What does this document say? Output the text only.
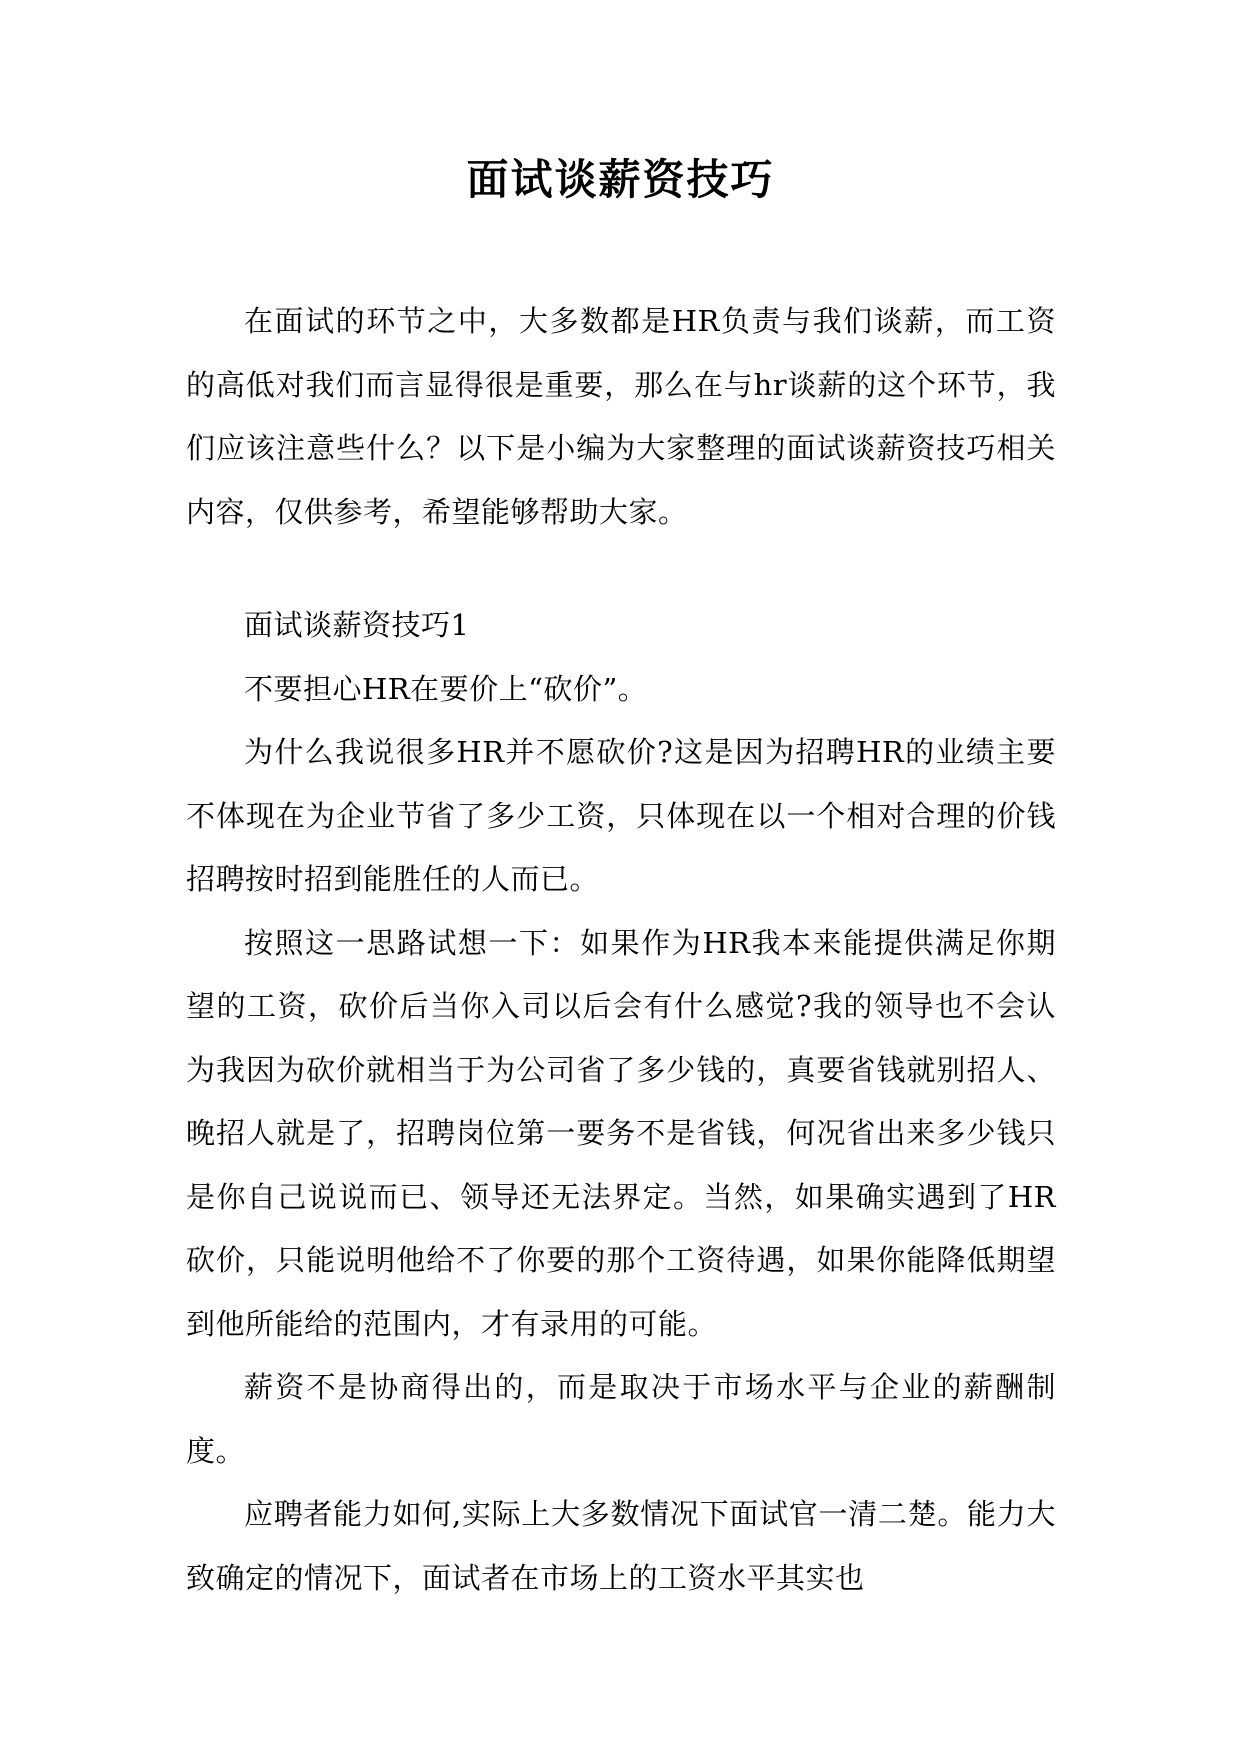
面试谈薪资技巧

在面试的环节之中，大多数都是HR负责与我们谈薪，而工资的高低对我们而言显得很是重要，那么在与hr谈薪的这个环节，我们应该注意些什么？以下是小编为大家整理的面试谈薪资技巧相关内容，仅供参考，希望能够帮助大家。

面试谈薪资技巧1

不要担心HR在要价上“砍价”。

为什么我说很多HR并不愿砍价?这是因为招聘HR的业绩主要不体现在为企业节省了多少工资，只体现在以一个相对合理的价钱招聘按时招到能胜任的人而已。

按照这一思路试想一下：如果作为HR我本来能提供满足你期望的工资，砍价后当你入司以后会有什么感觉?我的领导也不会认为我因为砍价就相当于为公司省了多少钱的，真要省钱就别招人、晚招人就是了，招聘岗位第一要务不是省钱，何况省出来多少钱只是你自己说说而已、领导还无法界定。当然，如果确实遇到了HR砍价，只能说明他给不了你要的那个工资待遇，如果你能降低期望到他所能给的范围内，才有录用的可能。

薪资不是协商得出的，而是取决于市场水平与企业的薪酬制度。

应聘者能力如何,实际上大多数情况下面试官一清二楚。能力大致确定的情况下，面试者在市场上的工资水平其实也
